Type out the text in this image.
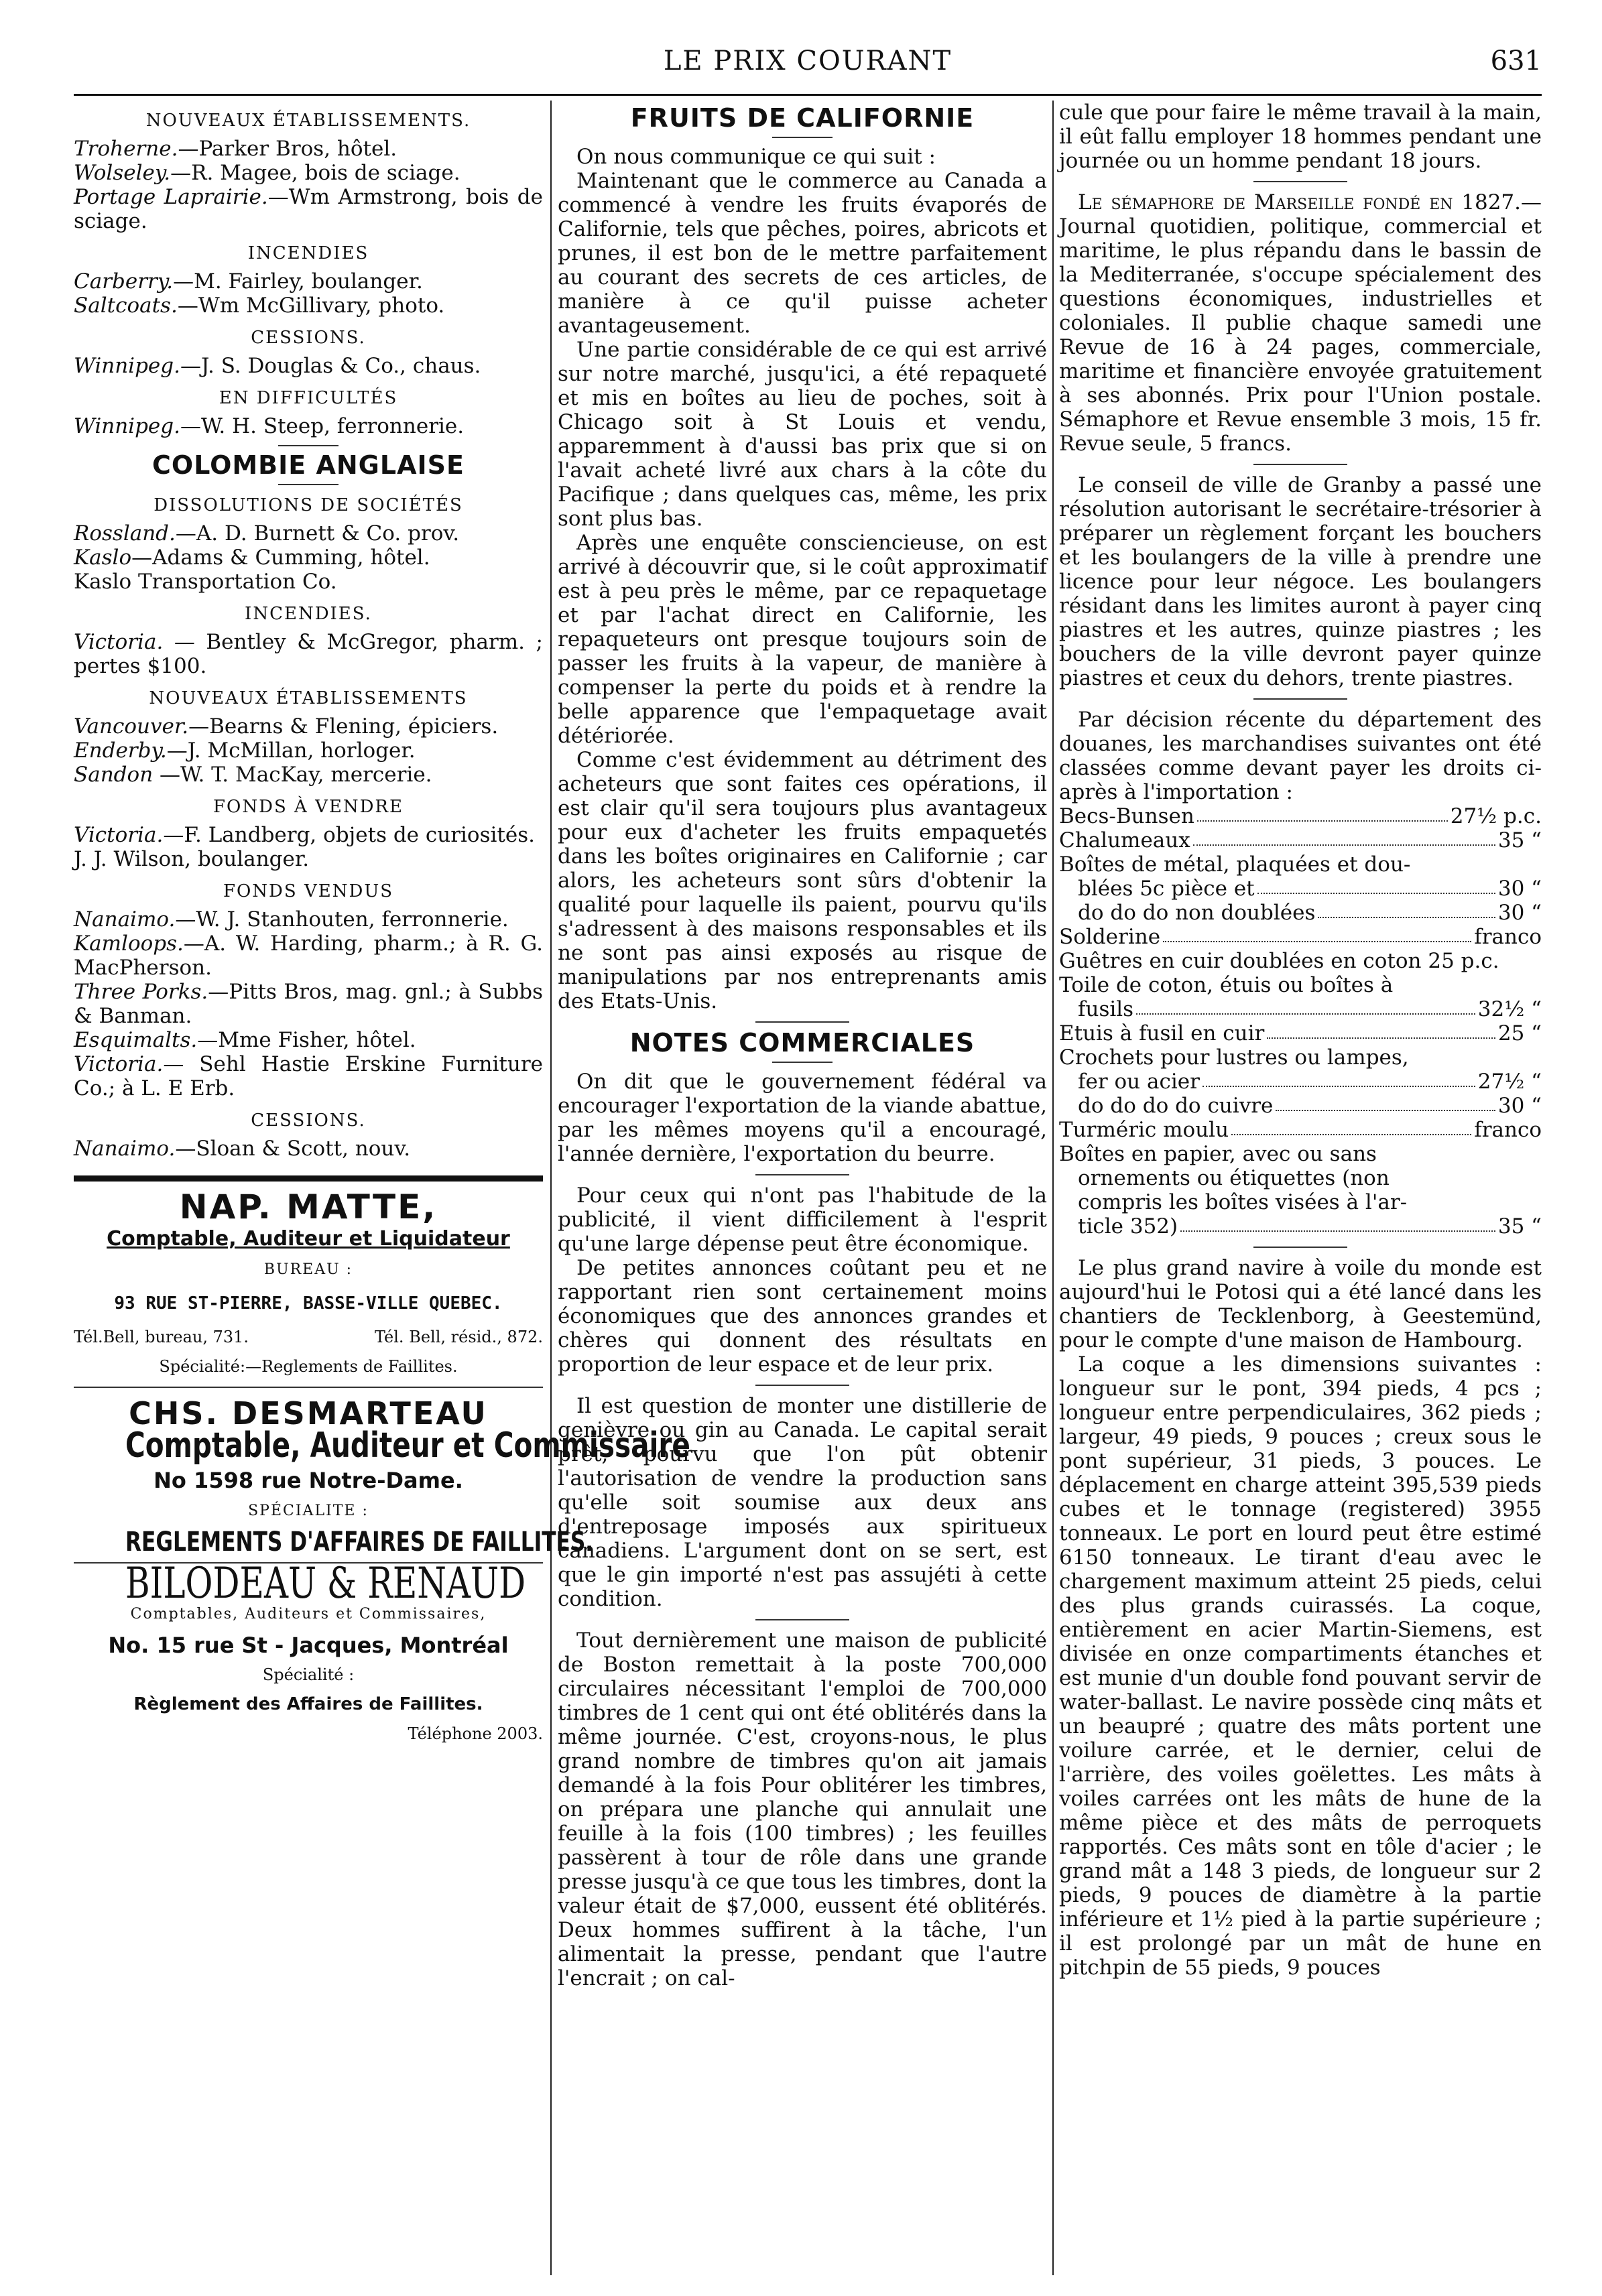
LE PRIX COURANT	631
NOUVEAUX ÉTABLISSEMENTS.

Troherne.—Parker Bros, hôtel.

Wolseley.—R. Magee, bois de sciage.

Portage Laprairie.—Wm Armstrong, bois de sciage.

INCENDIES

Carberry.—M. Fairley, boulanger.

Saltcoats.—Wm McGillivary, photo.

CESSIONS.

Winnipeg.—J. S. Douglas & Co., chaus.

EN DIFFICULTÉS

Winnipeg.—W. H. Steep, ferronnerie.

COLOMBIE ANGLAISE
DISSOLUTIONS DE SOCIÉTÉS

Rossland.—A. D. Burnett & Co. prov.

Kaslo—Adams & Cumming, hôtel.

Kaslo Transportation Co.

INCENDIES.

Victoria. — Bentley & McGregor, pharm. ; pertes $100.

NOUVEAUX ÉTABLISSEMENTS

Vancouver.—Bearns & Flening, épiciers.

Enderby.—J. McMillan, horloger.

Sandon —W. T. MacKay, mercerie.

FONDS À VENDRE

Victoria.—F. Landberg, objets de curiosités.

J. J. Wilson, boulanger.

FONDS VENDUS

Nanaimo.—W. J. Stanhouten, ferronnerie.

Kamloops.—A. W. Harding, pharm.; à R. G. MacPherson.

Three Porks.—Pitts Bros, mag. gnl.; à Subbs & Banman.

Esquimalts.—Mme Fisher, hôtel.

Victoria.— Sehl Hastie Erskine Furniture Co.; à L. E Erb.

CESSIONS.

Nanaimo.—Sloan & Scott, nouv.

NAP. MATTE,
Comptable, Auditeur et Liquidateur
BUREAU :
93 RUE ST-PIERRE, BASSE-VILLE QUEBEC.
Tél.Bell, bureau, 731.	Tél. Bell, résid., 872.
Spécialité:—Reglements de Faillites.
CHS. DESMARTEAU
Comptable, Auditeur et Commissaire
No 1598 rue Notre-Dame.
SPÉCIALITE :
REGLEMENTS D'AFFAIRES DE FAILLITES.
BILODEAU & RENAUD
Comptables, Auditeurs et Commissaires,
No. 15 rue St - Jacques, Montréal
Spécialité :
Règlement des Affaires de Faillites.
Téléphone 2003.
FRUITS DE CALIFORNIE

On nous communique ce qui suit :

Maintenant que le commerce au Canada a commencé à vendre les fruits évaporés de Californie, tels que pêches, poires, abricots et prunes, il est bon de le mettre parfaitement au courant des secrets de ces articles, de manière à ce qu'il puisse acheter avantageusement.

Une partie considérable de ce qui est arrivé sur notre marché, jusqu'ici, a été repaqueté et mis en boîtes au lieu de poches, soit à Chicago soit à St Louis et vendu, apparemment à d'aussi bas prix que si on l'avait acheté livré aux chars à la côte du Pacifique ; dans quelques cas, même, les prix sont plus bas.

Après une enquête consciencieuse, on est arrivé à découvrir que, si le coût approximatif est à peu près le même, par ce repaquetage et par l'achat direct en Californie, les repaqueteurs ont presque toujours soin de passer les fruits à la vapeur, de manière à compenser la perte du poids et à rendre la belle apparence que l'empaquetage avait détériorée.

Comme c'est évidemment au détriment des acheteurs que sont faites ces opérations, il est clair qu'il sera toujours plus avantageux pour eux d'acheter les fruits empaquetés dans les boîtes originaires en Californie ; car alors, les acheteurs sont sûrs d'obtenir la qualité pour laquelle ils paient, pourvu qu'ils s'adressent à des maisons responsables et ils ne sont pas ainsi exposés au risque de manipulations par nos entreprenants amis des Etats-Unis.

NOTES COMMERCIALES

On dit que le gouvernement fédéral va encourager l'exportation de la viande abattue, par les mêmes moyens qu'il a encouragé, l'année dernière, l'exportation du beurre.

Pour ceux qui n'ont pas l'habitude de la publicité, il vient difficilement à l'esprit qu'une large dépense peut être économique.

De petites annonces coûtant peu et ne rapportant rien sont certainement moins économiques que des annonces grandes et chères qui donnent des résultats en proportion de leur espace et de leur prix.

Il est question de monter une distillerie de genièvre ou gin au Canada. Le capital serait prêt, pourvu que l'on pût obtenir l'autorisation de vendre la production sans qu'elle soit soumise aux deux ans d'entreposage imposés aux spiritueux canadiens. L'argument dont on se sert, est que le gin importé n'est pas assujéti à cette condition.

Tout dernièrement une maison de publicité de Boston remettait à la poste 700,000 circulaires nécessitant l'emploi de 700,000 timbres de 1 cent qui ont été oblitérés dans la même journée. C'est, croyons-nous, le plus grand nombre de timbres qu'on ait jamais demandé à la fois Pour oblitérer les timbres, on prépara une planche qui annulait une feuille à la fois (100 timbres) ; les feuilles passèrent à tour de rôle dans une grande presse jusqu'à ce que tous les timbres, dont la valeur était de $7,000, eussent été oblitérés. Deux hommes suffirent à la tâche, l'un alimentait la presse, pendant que l'autre l'encrait ; on cal-

cule que pour faire le même travail à la main, il eût fallu employer 18 hommes pendant une journée ou un homme pendant 18 jours.

Le sémaphore de Marseille fondé en 1827.—Journal quotidien, politique, commercial et maritime, le plus répandu dans le bassin de la Mediterranée, s'occupe spécialement des questions économiques, industrielles et coloniales. Il publie chaque samedi une Revue de 16 à 24 pages, commerciale, maritime et financière envoyée gratuitement à ses abonnés. Prix pour l'Union postale. Sémaphore et Revue ensemble 3 mois, 15 fr. Revue seule, 5 francs.

Le conseil de ville de Granby a passé une résolution autorisant le secrétaire-trésorier à préparer un règlement forçant les bouchers et les boulangers de la ville à prendre une licence pour leur négoce. Les boulangers résidant dans les limites auront à payer cinq piastres et les autres, quinze piastres ; les bouchers de la ville devront payer quinze piastres et ceux du dehors, trente piastres.

Par décision récente du département des douanes, les marchandises suivantes ont été classées comme devant payer les droits ci-après à l'importation :

Becs-Bunsen	27½ p.c.
Chalumeaux	35 “
Boîtes de métal, plaquées et dou-
blées 5c pièce et	30 “
do do do non doublées	30 “
Solderine	franco
Guêtres en cuir doublées en coton 25 p.c.
Toile de coton, étuis ou boîtes à
fusils	32½ “
Etuis à fusil en cuir	25 “
Crochets pour lustres ou lampes,
fer ou acier	27½ “
do do do do cuivre	30 “
Turméric moulu	franco
Boîtes en papier, avec ou sans
ornements ou étiquettes (non
compris les boîtes visées à l'ar-
ticle 352)	35 “

Le plus grand navire à voile du monde est aujourd'hui le Potosi qui a été lancé dans les chantiers de Tecklenborg, à Geestemünd, pour le compte d'une maison de Hambourg.

La coque a les dimensions suivantes : longueur sur le pont, 394 pieds, 4 pcs ; longueur entre perpendiculaires, 362 pieds ; largeur, 49 pieds, 9 pouces ; creux sous le pont supérieur, 31 pieds, 3 pouces. Le déplacement en charge atteint 395,539 pieds cubes et le tonnage (registered) 3955 tonneaux. Le port en lourd peut être estimé 6150 tonneaux. Le tirant d'eau avec le chargement maximum atteint 25 pieds, celui des plus grands cuirassés. La coque, entièrement en acier Martin-Siemens, est divisée en onze compartiments étanches et est munie d'un double fond pouvant servir de water-ballast. Le navire possède cinq mâts et un beaupré ; quatre des mâts portent une voilure carrée, et le dernier, celui de l'arrière, des voiles goëlettes. Les mâts à voiles carrées ont les mâts de hune de la même pièce et des mâts de perroquets rapportés. Ces mâts sont en tôle d'acier ; le grand mât a 148 3 pieds, de longueur sur 2 pieds, 9 pouces de diamètre à la partie inférieure et 1½ pied à la partie supérieure ; il est prolongé par un mât de hune en pitchpin de 55 pieds, 9 pouces
